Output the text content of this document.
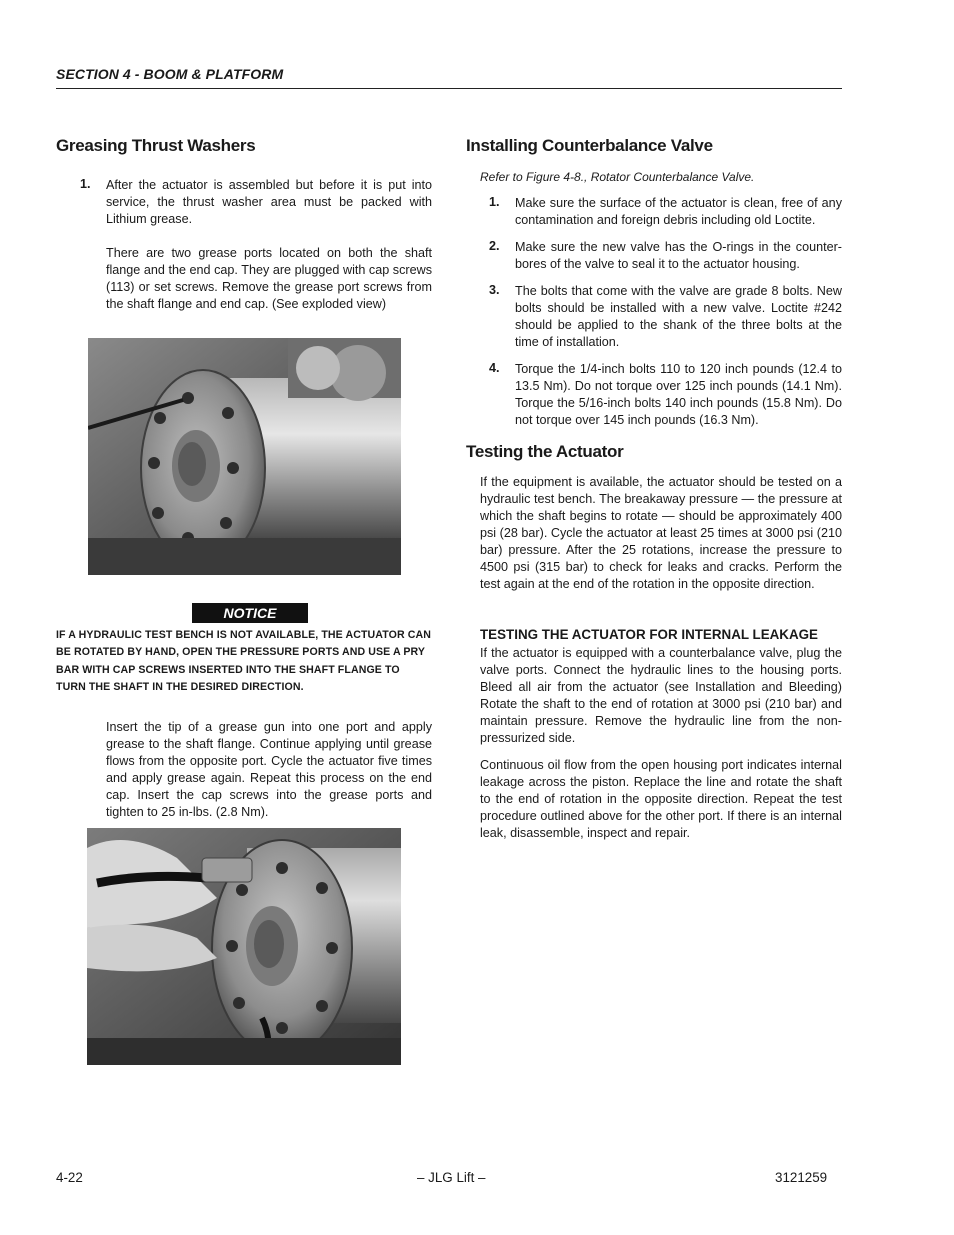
SECTION 4 - BOOM & PLATFORM
Greasing Thrust Washers
1. After the actuator is assembled but before it is put into service, the thrust washer area must be packed with Lithium grease.
There are two grease ports located on both the shaft flange and the end cap. They are plugged with cap screws (113) or set screws. Remove the grease port screws from the shaft flange and end cap. (See exploded view)
NOTICE
IF A HYDRAULIC TEST BENCH IS NOT AVAILABLE, THE ACTUATOR CAN BE ROTATED BY HAND, OPEN THE PRESSURE PORTS AND USE A PRY BAR WITH CAP SCREWS INSERTED INTO THE SHAFT FLANGE TO TURN THE SHAFT IN THE DESIRED DIRECTION.
Insert the tip of a grease gun into one port and apply grease to the shaft flange. Continue applying until grease flows from the opposite port. Cycle the actuator five times and apply grease again. Repeat this process on the end cap. Insert the cap screws into the grease ports and tighten to 25 in-lbs. (2.8 Nm).
Installing Counterbalance Valve
Refer to Figure 4-8., Rotator Counterbalance Valve.
1. Make sure the surface of the actuator is clean, free of any contamination and foreign debris including old Loctite.
2. Make sure the new valve has the O-rings in the counter-bores of the valve to seal it to the actuator housing.
3. The bolts that come with the valve are grade 8 bolts. New bolts should be installed with a new valve. Loctite #242 should be applied to the shank of the three bolts at the time of installation.
4. Torque the 1/4-inch bolts 110 to 120 inch pounds (12.4 to 13.5 Nm). Do not torque over 125 inch pounds (14.1 Nm). Torque the 5/16-inch bolts 140 inch pounds (15.8 Nm). Do not torque over 145 inch pounds (16.3 Nm).
Testing the Actuator
If the equipment is available, the actuator should be tested on a hydraulic test bench. The breakaway pressure — the pressure at which the shaft begins to rotate — should be approximately 400 psi (28 bar). Cycle the actuator at least 25 times at 3000 psi (210 bar) pressure. After the 25 rotations, increase the pressure to 4500 psi (315 bar) to check for leaks and cracks. Perform the test again at the end of the rotation in the opposite direction.
TESTING THE ACTUATOR FOR INTERNAL LEAKAGE
If the actuator is equipped with a counterbalance valve, plug the valve ports. Connect the hydraulic lines to the housing ports. Bleed all air from the actuator (see Installation and Bleeding) Rotate the shaft to the end of rotation at 3000 psi (210 bar) and maintain pressure. Remove the hydraulic line from the non-pressurized side.
Continuous oil flow from the open housing port indicates internal leakage across the piston. Replace the line and rotate the shaft to the end of rotation in the opposite direction. Repeat the test procedure outlined above for the other port. If there is an internal leak, disassemble, inspect and repair.
4-22	– JLG Lift –	3121259
